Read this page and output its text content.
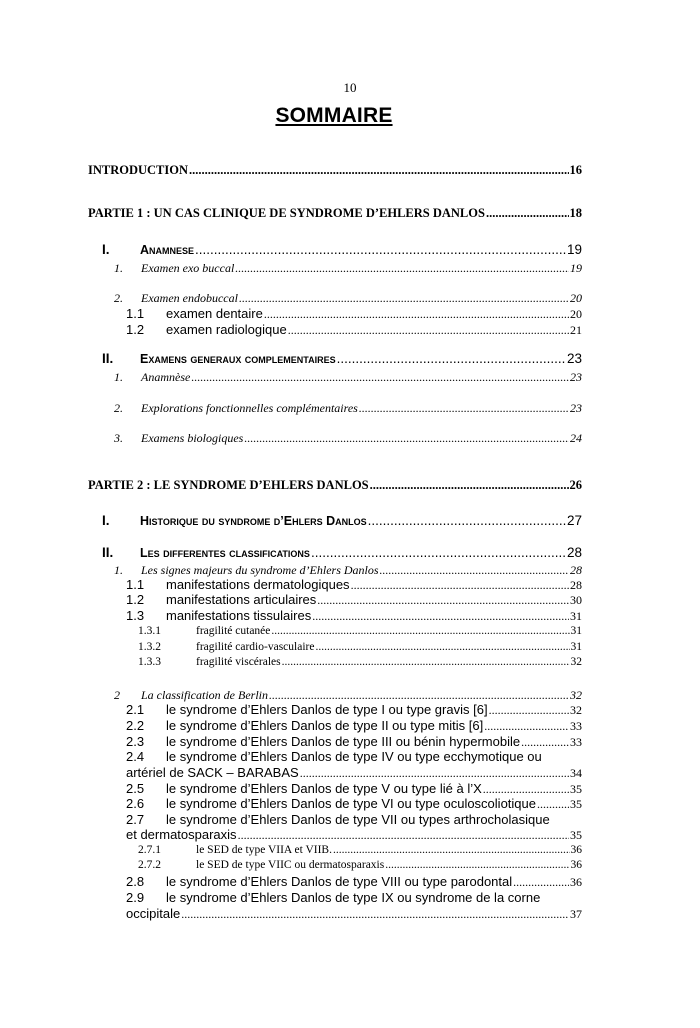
10
SOMMAIRE
INTRODUCTION .....	16
PARTIE 1 : UN CAS CLINIQUE DE SYNDROME D’EHLERS DANLOS .....	18
I. Anamnese .....	19
1. Examen exo buccal .....	19
2. Examen endobuccal .....	20
1.1 examen dentaire .....	20
1.2 examen radiologique .....	21
II. Examens generaux complementaires .....	23
1. Anamnèse .....	23
2. Explorations fonctionnelles complémentaires .....	23
3. Examens biologiques .....	24
PARTIE 2 : LE SYNDROME D’EHLERS DANLOS .....	26
I. Historique du syndrome d’Ehlers Danlos .....	27
II. Les differentes classifications .....	28
1. Les signes majeurs du syndrome d’Ehlers Danlos .....	28
1.1 manifestations dermatologiques .....	28
1.2 manifestations articulaires .....	30
1.3 manifestations tissulaires .....	31
1.3.1	fragilité cutanée .....	31
1.3.2	fragilité cardio-vasculaire .....	31
1.3.3	fragilité viscérales .....	32
2 La classification de Berlin .....	32
2.1 le syndrome d’Ehlers Danlos de type I ou type gravis [6] .....	32
2.2 le syndrome d’Ehlers Danlos de type II ou type mitis [6] .....	33
2.3 le syndrome d’Ehlers Danlos de type III ou bénin hypermobile .....	33
2.4 le syndrome d’Ehlers Danlos de type IV ou type ecchymotique ou
artériel de SACK – BARABAS .....	34
2.5 le syndrome d’Ehlers Danlos de type V ou type lié à l’X .....	35
2.6 le syndrome d’Ehlers Danlos de type VI ou type oculoscoliotique .....	35
2.7 le syndrome d’Ehlers Danlos de type VII ou types arthrocholasique
et dermatosparaxis .....	35
2.7.1	le SED de type VIIA et VIIB. .....	36
2.7.2	le SED de type VIIC ou dermatosparaxis .....	36
2.8 le syndrome d’Ehlers Danlos de type VIII ou type parodontal .....	36
2.9 le syndrome d’Ehlers Danlos de type IX ou syndrome de la corne
occipitale .....	37
